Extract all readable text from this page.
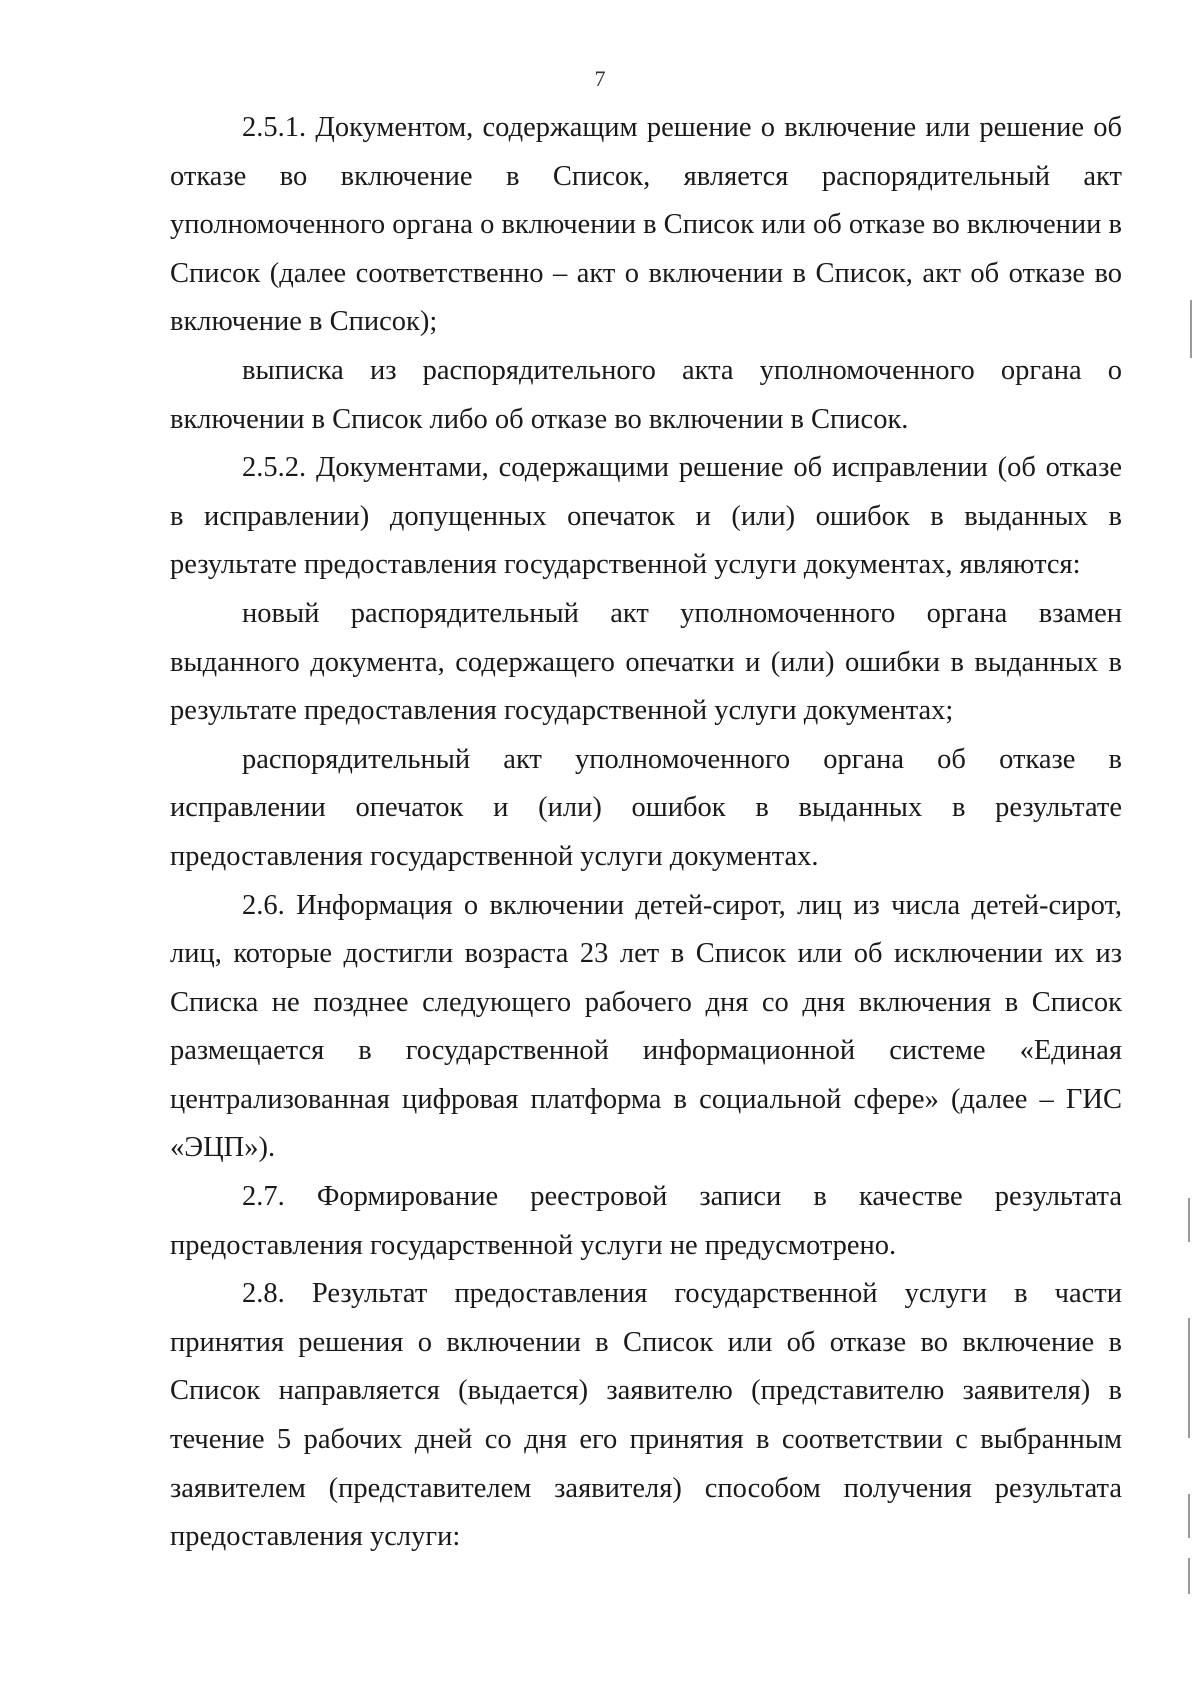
7

2.5.1. Документом, содержащим решение о включение или решение об отказе во включение в Список, является распорядительный акт уполномоченного органа о включении в Список или об отказе во включении в Список (далее соответственно – акт о включении в Список, акт об отказе во включение в Список);

выписка из распорядительного акта уполномоченного органа о включении в Список либо об отказе во включении в Список.

2.5.2. Документами, содержащими решение об исправлении (об отказе в исправлении) допущенных опечаток и (или) ошибок в выданных в результате предоставления государственной услуги документах, являются:

новый распорядительный акт уполномоченного органа взамен выданного документа, содержащего опечатки и (или) ошибки в выданных в результате предоставления государственной услуги документах;

распорядительный акт уполномоченного органа об отказе в исправлении опечаток и (или) ошибок в выданных в результате предоставления государственной услуги документах.

2.6. Информация о включении детей-сирот, лиц из числа детей-сирот, лиц, которые достигли возраста 23 лет в Список или об исключении их из Списка не позднее следующего рабочего дня со дня включения в Список размещается в государственной информационной системе «Единая централизованная цифровая платформа в социальной сфере» (далее – ГИС «ЭЦП»).

2.7. Формирование реестровой записи в качестве результата предоставления государственной услуги не предусмотрено.

2.8. Результат предоставления государственной услуги в части принятия решения о включении в Список или об отказе во включение в Список направляется (выдается) заявителю (представителю заявителя) в течение 5 рабочих дней со дня его принятия в соответствии с выбранным заявителем (представителем заявителя) способом получения результата предоставления услуги:
